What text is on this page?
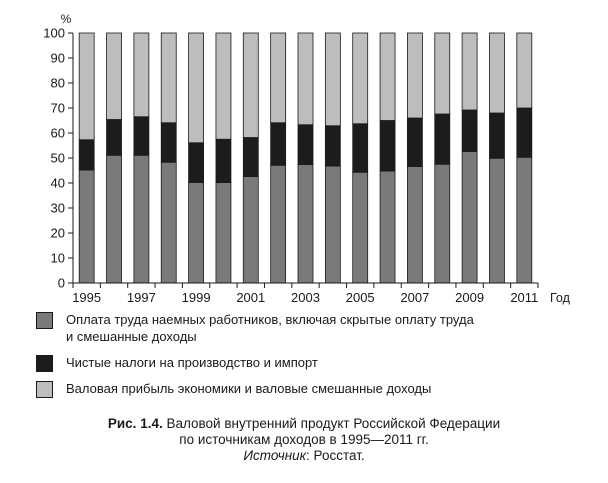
0
10
20
30
40
50
60
70
80
90
100
%
1995 1997 1999 2001 2003 2005 2007 2009 2011 Год
Оплата труда наемных работников, включая скрытые оплату труда
и смешанные доходы
Чистые налоги на производство и импорт
Валовая прибыль экономики и валовые смешанные доходы
Рис. 1.4. Валовой внутренний продукт Российской Федерации
по источникам доходов в 1995—2011 гг.
Источник: Росстат.
